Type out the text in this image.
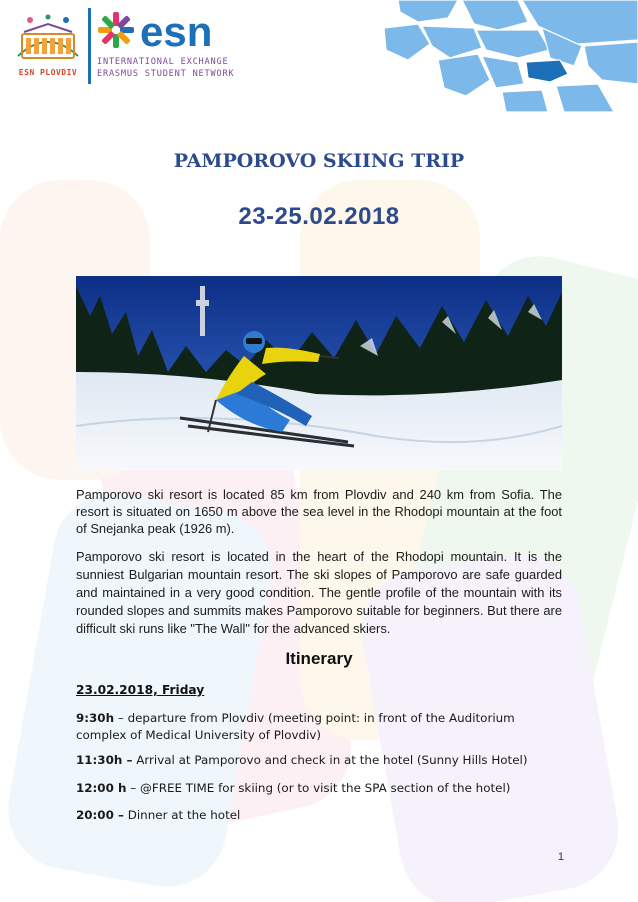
ESN PLOVDIV
esn
INTERNATIONAL EXCHANGE
ERASMUS STUDENT NETWORK
PAMPOROVO SKIING TRIP
23-25.02.2018

Pamporovo ski resort is located 85 km from Plovdiv and 240 km from Sofia. The resort is situated on 1650 m above the sea level in the Rhodopi mountain at the foot of Snejanka peak (1926 m).

Pamporovo ski resort is located in the heart of the Rhodopi mountain. It is the sunniest Bulgarian mountain resort. The ski slopes of Pamporovo are safe guarded and maintained in a very good condition. The gentle profile of the mountain with its rounded slopes and summits makes Pamporovo suitable for beginners. But there are difficult ski runs like "The Wall" for the advanced skiers.

Itinerary
23.02.2018, Friday
9:30h – departure from Plovdiv (meeting point: in front of the Auditorium complex of Medical University of Plovdiv)
11:30h – Arrival at Pamporovo and check in at the hotel (Sunny Hills Hotel)
12:00 h – @FREE TIME for skiing (or to visit the SPA section of the hotel)
20:00 – Dinner at the hotel
1
